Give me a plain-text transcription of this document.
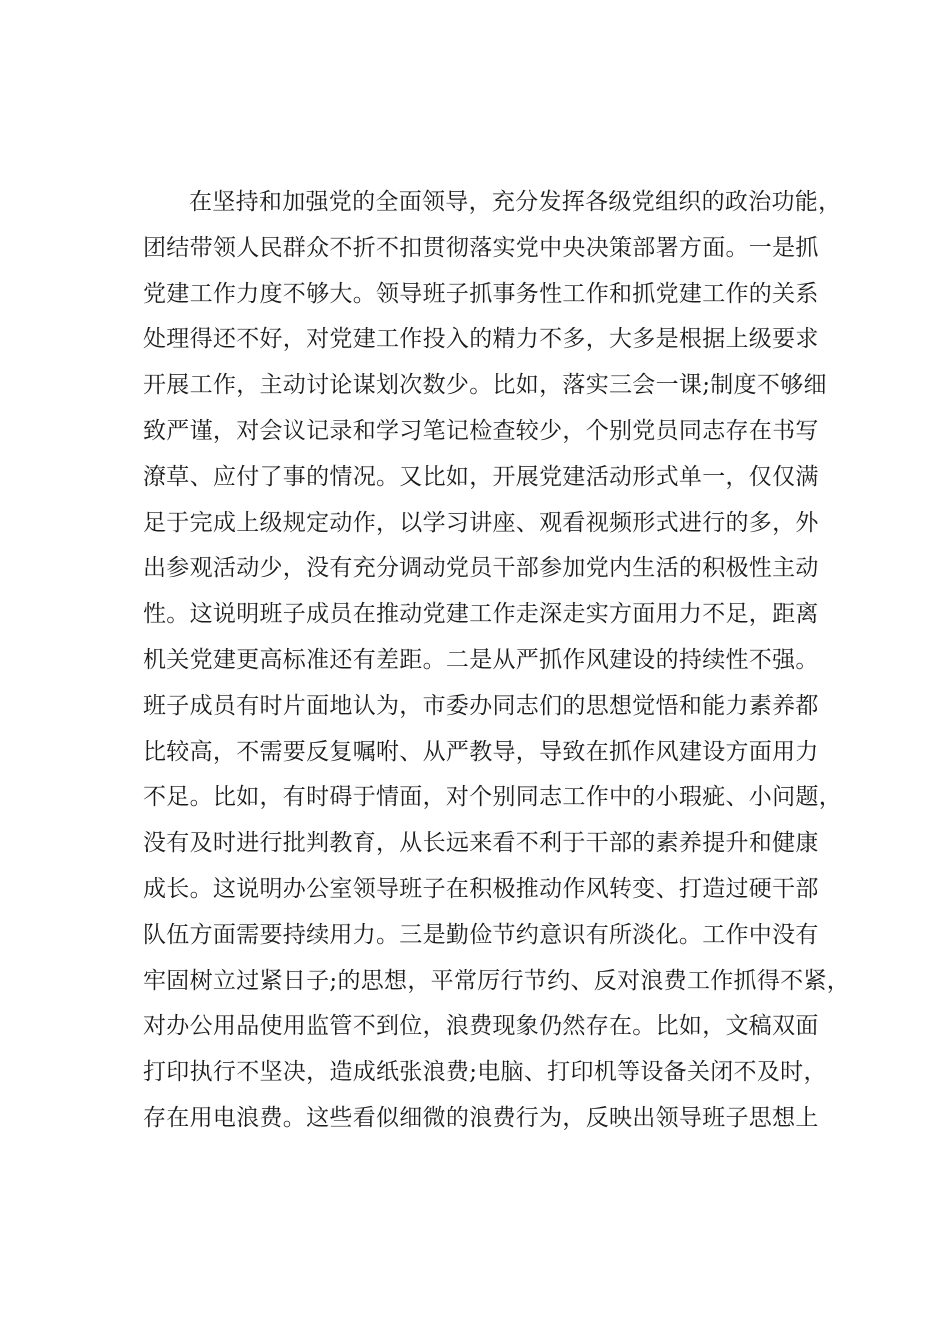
在坚持和加强党的全面领导，充分发挥各级党组织的政治功能，
团结带领人民群众不折不扣贯彻落实党中央决策部署方面。一是抓
党建工作力度不够大。领导班子抓事务性工作和抓党建工作的关系
处理得还不好，对党建工作投入的精力不多，大多是根据上级要求
开展工作，主动讨论谋划次数少。比如，落实三会一课;制度不够细
致严谨，对会议记录和学习笔记检查较少，个别党员同志存在书写
潦草、应付了事的情况。又比如，开展党建活动形式单一，仅仅满
足于完成上级规定动作，以学习讲座、观看视频形式进行的多，外
出参观活动少，没有充分调动党员干部参加党内生活的积极性主动
性。这说明班子成员在推动党建工作走深走实方面用力不足，距离
机关党建更高标准还有差距。二是从严抓作风建设的持续性不强。
班子成员有时片面地认为，市委办同志们的思想觉悟和能力素养都
比较高，不需要反复嘱咐、从严教导，导致在抓作风建设方面用力
不足。比如，有时碍于情面，对个别同志工作中的小瑕疵、小问题，
没有及时进行批判教育，从长远来看不利于干部的素养提升和健康
成长。这说明办公室领导班子在积极推动作风转变、打造过硬干部
队伍方面需要持续用力。三是勤俭节约意识有所淡化。工作中没有
牢固树立过紧日子;的思想，平常厉行节约、反对浪费工作抓得不紧，
对办公用品使用监管不到位，浪费现象仍然存在。比如，文稿双面
打印执行不坚决，造成纸张浪费;电脑、打印机等设备关闭不及时，
存在用电浪费。这些看似细微的浪费行为，反映出领导班子思想上
